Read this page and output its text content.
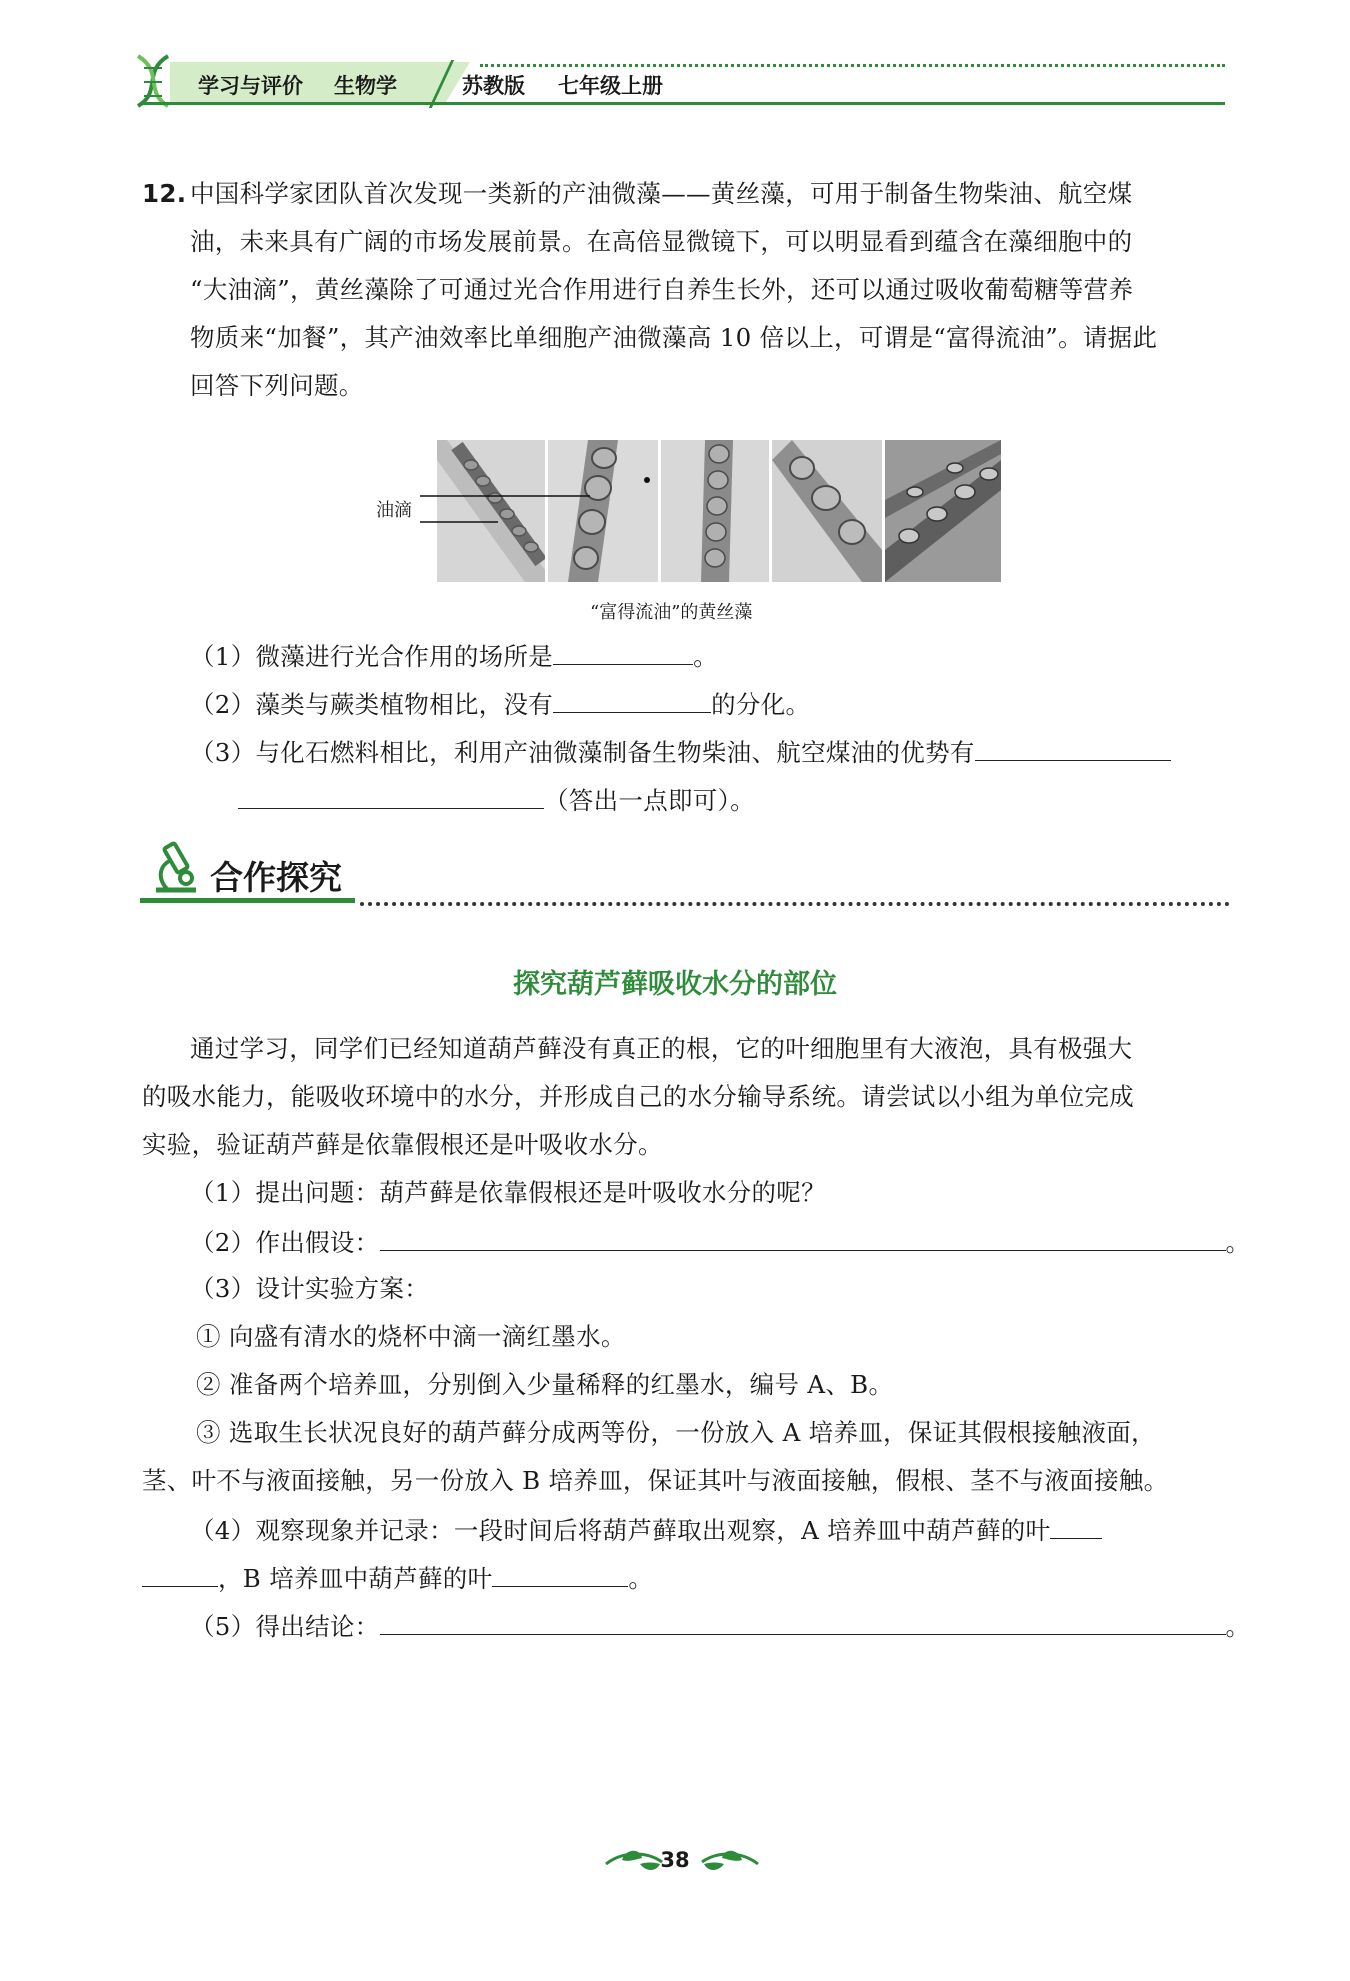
学习与评价 生物学	苏教版 七年级上册
12. 中国科学家团队首次发现一类新的产油微藻——黄丝藻，可用于制备生物柴油、航空煤
油，未来具有广阔的市场发展前景。在高倍显微镜下，可以明显看到蕴含在藻细胞中的
“大油滴”，黄丝藻除了可通过光合作用进行自养生长外，还可以通过吸收葡萄糖等营养
物质来“加餐”，其产油效率比单细胞产油微藻高 10 倍以上，可谓是“富得流油”。请据此
回答下列问题。
油滴
“富得流油”的黄丝藻
（1）微藻进行光合作用的场所是	。
（2）藻类与蕨类植物相比，没有	的分化。
（3）与化石燃料相比，利用产油微藻制备生物柴油、航空煤油的优势有
（答出一点即可）。
合作探究
探究葫芦藓吸收水分的部位
通过学习，同学们已经知道葫芦藓没有真正的根，它的叶细胞里有大液泡，具有极强大
的吸水能力，能吸收环境中的水分，并形成自己的水分输导系统。请尝试以小组为单位完成
实验，验证葫芦藓是依靠假根还是叶吸收水分。
（1）提出问题：葫芦藓是依靠假根还是叶吸收水分的呢？
（2）作出假设：	。
（3）设计实验方案：
① 向盛有清水的烧杯中滴一滴红墨水。
② 准备两个培养皿，分别倒入少量稀释的红墨水，编号 A、B。
③ 选取生长状况良好的葫芦藓分成两等份，一份放入 A 培养皿，保证其假根接触液面，
茎、叶不与液面接触，另一份放入 B 培养皿，保证其叶与液面接触，假根、茎不与液面接触。
（4）观察现象并记录：一段时间后将葫芦藓取出观察，A 培养皿中葫芦藓的叶
，B 培养皿中葫芦藓的叶	。
（5）得出结论：	。
38
